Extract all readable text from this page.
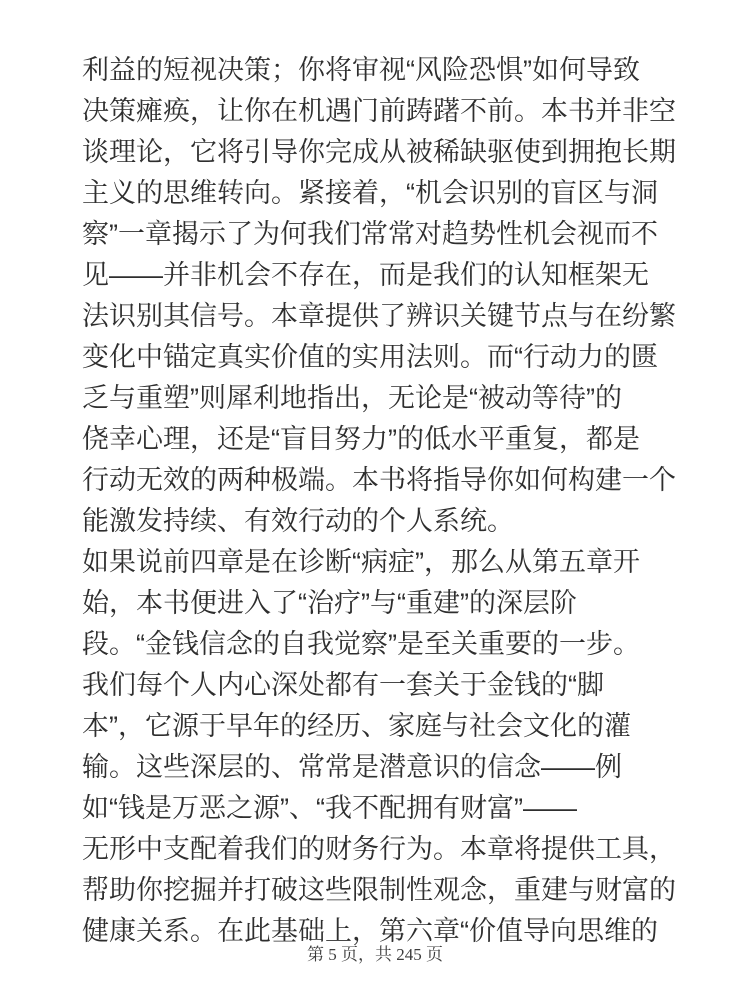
利益的短视决策；你将审视“风险恐惧”如何导致
决策瘫痪，让你在机遇门前踌躇不前。本书并非空
谈理论，它将引导你完成从被稀缺驱使到拥抱长期
主义的思维转向。紧接着，“机会识别的盲区与洞
察”一章揭示了为何我们常常对趋势性机会视而不
见——并非机会不存在，而是我们的认知框架无
法识别其信号。本章提供了辨识关键节点与在纷繁
变化中锚定真实价值的实用法则。而“行动力的匮
乏与重塑”则犀利地指出，无论是“被动等待”的
侥幸心理，还是“盲目努力”的低水平重复，都是
行动无效的两种极端。本书将指导你如何构建一个
能激发持续、有效行动的个人系统。
如果说前四章是在诊断“病症”，那么从第五章开
始，本书便进入了“治疗”与“重建”的深层阶
段。“金钱信念的自我觉察”是至关重要的一步。
我们每个人内心深处都有一套关于金钱的“脚
本”，它源于早年的经历、家庭与社会文化的灌
输。这些深层的、常常是潜意识的信念——例
如“钱是万恶之源”、“我不配拥有财富”——
无形中支配着我们的财务行为。本章将提供工具，
帮助你挖掘并打破这些限制性观念，重建与财富的
健康关系。在此基础上，第六章“价值导向思维的
第 5 页，共 245 页
